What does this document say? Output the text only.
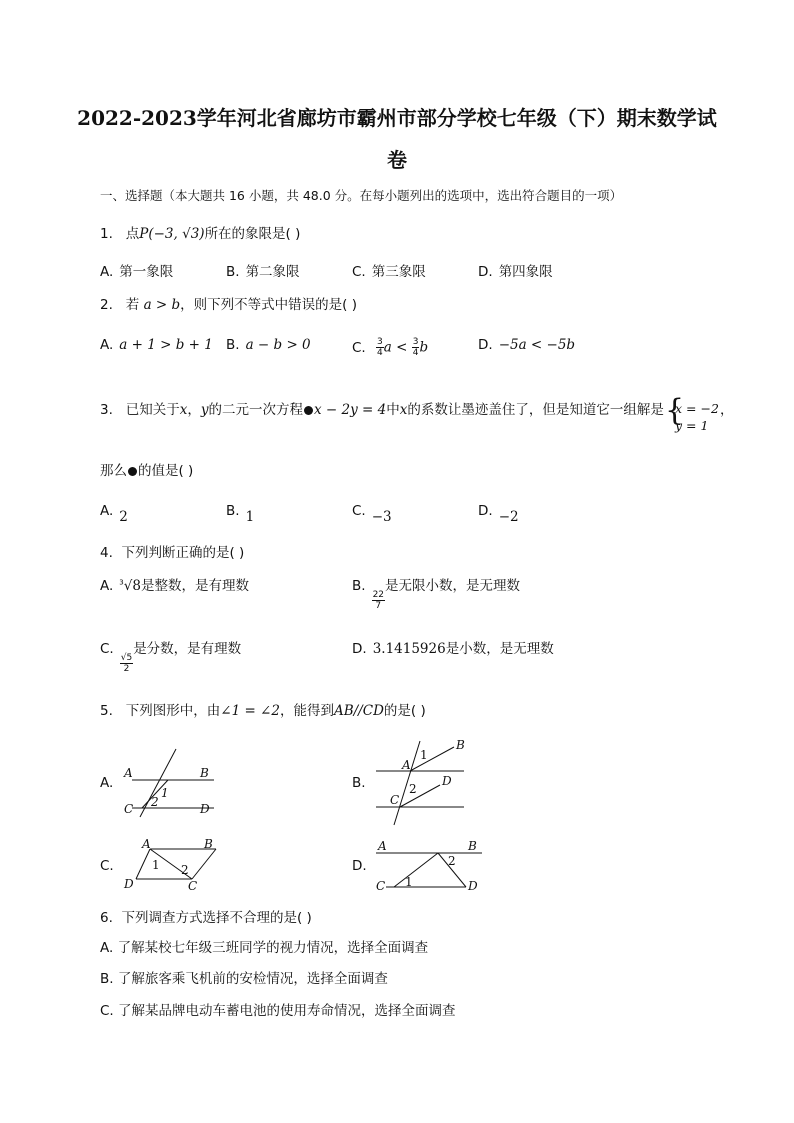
2022-2023学年河北省廊坊市霸州市部分学校七年级（下）期末数学试
卷
一、选择题（本大题共 16 小题，共 48.0 分。在每小题列出的选项中，选出符合题目的一项）
1. 点P(−3, √3)所在的象限是( )
A. 第一象限	B. 第二象限	C. 第三象限	D. 第四象限
2. 若 a > b，则下列不等式中错误的是( )
A. a + 1 > b + 1 B. a − b > 0	C. $\frac{3}{4}$ $a < \frac{3}{4}$ b	D. −5a < −5b
3. 已知关于x，y的二元一次方程 x − 2y = 4中x的系数让墨迹盖住了，但是知道它一组解是 {
x = −2
y = 1
，
那么 的值是( )
A. 2	B. 1	C. −3	D. −2
4. 下列判断正确的是( )
A. $^3$√8是整数，是有理数	B.
$\frac{22}{7}$
是无限小数，是无理数
C.
$\frac{√5}{2}$
是分数，是有理数	D. 3.1415926是小数，是无理数
5. 下列图形中，由∠1 = ∠2，能得到AB//CD的是( )
A.	B.
C.	D.
A	B
C	D
1
2
A
B
C
D
1
2
A	B
D	C
1 2
A	B
C	D
1
2
6. 下列调查方式选择不合理的是( )
A. 了解某校七年级三班同学的视力情况，选择全面调查
B. 了解旅客乘飞机前的安检情况，选择全面调查
C. 了解某品牌电动车蓄电池的使用寿命情况，选择全面调查
